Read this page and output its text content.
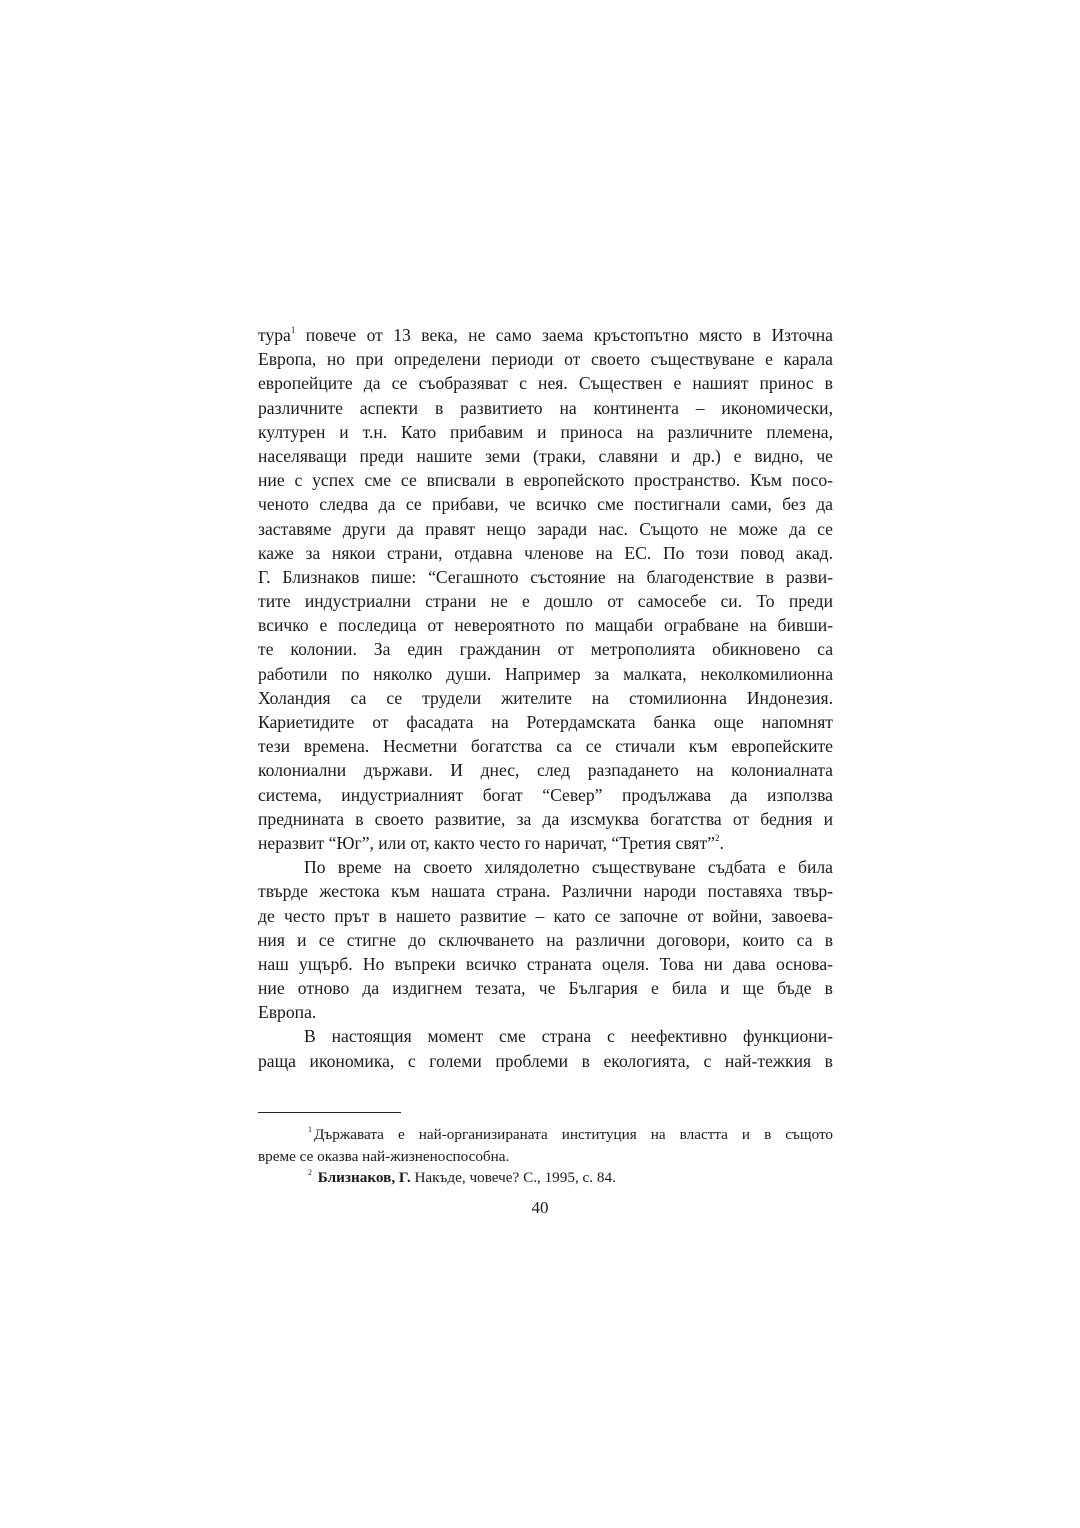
тура$^1$ повече от 13 века, не само заема кръстопътно място в Източна
Европа, но при определени периоди от своето съществуване е карала
европейците да се съобразяват с нея. Съществен е нашият принос в
различните аспекти в развитието на континента – икономически,
културен и т.н. Като прибавим и приноса на различните племена,
населяващи преди нашите земи (траки, славяни и др.) е видно, че
ние с успех сме се вписвали в европейското пространство. Към посо-
ченото следва да се прибави, че всичко сме постигнали сами, без да
заставяме други да правят нещо заради нас. Същото не може да се
каже за някои страни, отдавна членове на ЕС. По този повод акад.
Г. Близнаков пише: “Сегашното състояние на благоденствие в разви-
тите индустриални страни не е дошло от самосебе си. То преди
всичко е последица от невероятното по мащаби ограбване на бивши-
те колонии. За един гражданин от метрополията обикновено са
работили по няколко души. Например за малката, неколкомилионна
Холандия са се трудели жителите на стомилионна Индонезия.
Кариетидите от фасадата на Ротердамската банка още напомнят
тези времена. Несметни богатства са се стичали към европейските
колониални държави. И днес, след разпадането на колониалната
система, индустриалният богат “Север” продължава да използва
преднината в своето развитие, за да изсмуква богатства от бедния и
неразвит “Юг”, или от, както често го наричат, “Третия свят”$^2$.
По време на своето хилядолетно съществуване съдбата е била
твърде жестока към нашата страна. Различни народи поставяха твър-
де често прът в нашето развитие – като се започне от войни, завоева-
ния и се стигне до сключването на различни договори, които са в
наш ущърб. Но въпреки всичко страната оцеля. Това ни дава основа-
ние отново да издигнем тезата, че България е била и ще бъде в
Европа.
В настоящия момент сме страна с неефективно функциони-
раща икономика, с големи проблеми в екологията, с най-тежкия в
$^1$ Държавата е най-организираната институция на властта и в същото
време се оказва най-жизненоспособна.
$^2$ Близнаков, Г. Накъде, човече? С., 1995, с. 84.
40
